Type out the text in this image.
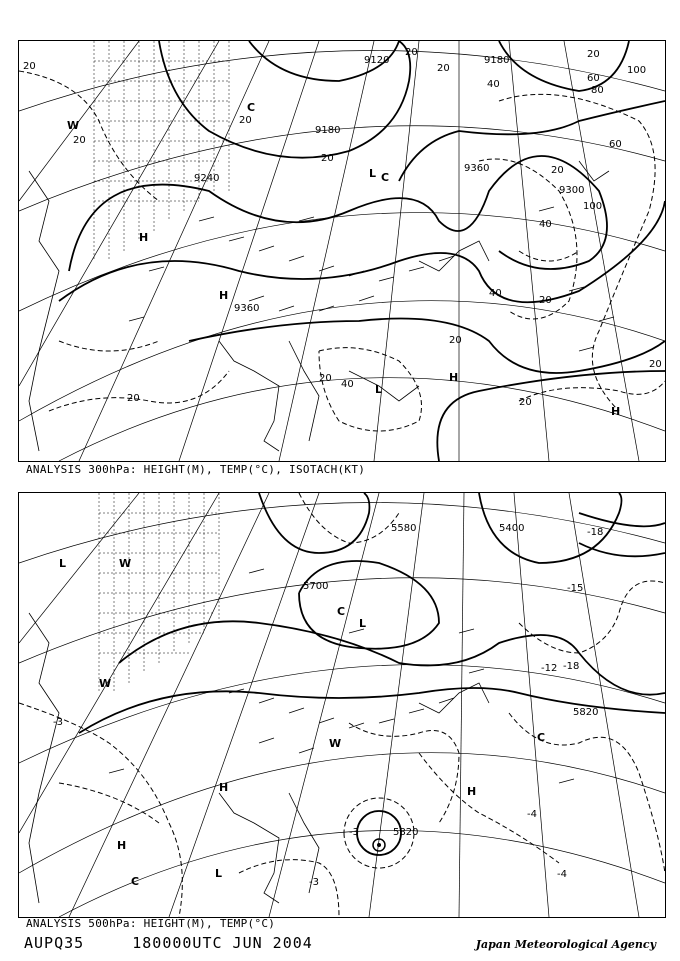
9120	9180
9180
9240
9300
9360
9360
20
20
20
20
20
20
20
20
20
20
20
20
20
20
40
40
40
40
60
60
80
100
100
H
H
H
H
L
L
C
C
W
ANALYSIS 300hPa: HEIGHT(M), TEMP(°C), ISOTACH(KT)
5400
5580
5700
5820
5820
-18
-15
-18
-12
-3
-3
-3
-4
-4
L
L
L
H
H
H
W
W
W
C
C
C
ANALYSIS 500hPa: HEIGHT(M), TEMP(°C)
AUPQ35	180000UTC JUN 2004	Japan Meteorological Agency
